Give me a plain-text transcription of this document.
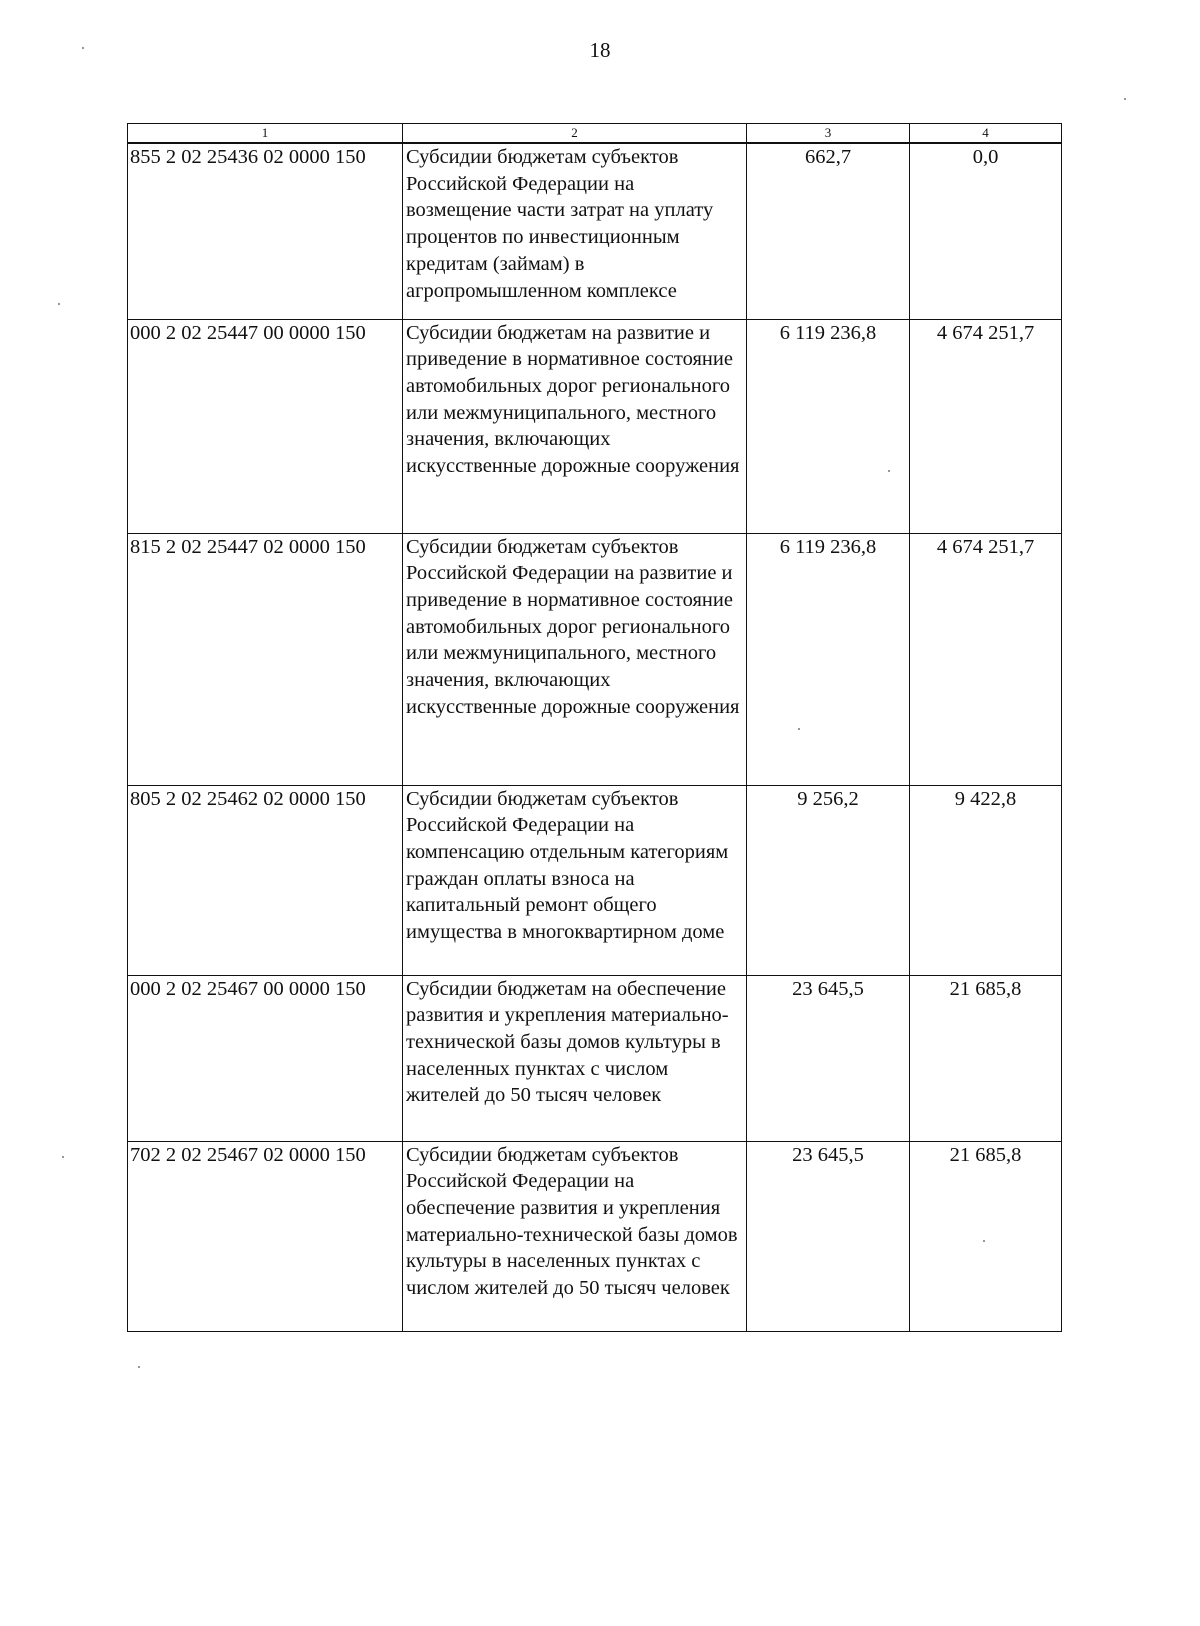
18
1	2	3	4
855 2 02 25436 02 0000 150	Субсидии бюджетам субъектов Российской Федерации на возмещение части затрат на уплату процентов по инвестиционным кредитам (займам) в агропромышленном комплексе	662,7	0,0
000 2 02 25447 00 0000 150	Субсидии бюджетам на развитие и приведение в нормативное состояние автомобильных дорог регионального или межмуниципального, местного значения, включающих искусственные дорожные сооружения	6 119 236,8	4 674 251,7
815 2 02 25447 02 0000 150	Субсидии бюджетам субъектов Российской Федерации на развитие и приведение в нормативное состояние автомобильных дорог регионального или межмуниципального, местного значения, включающих искусственные дорожные сооружения	6 119 236,8	4 674 251,7
805 2 02 25462 02 0000 150	Субсидии бюджетам субъектов Российской Федерации на компенсацию отдельным категориям граждан оплаты взноса на капитальный ремонт общего имущества в многоквартирном доме	9 256,2	9 422,8
000 2 02 25467 00 0000 150	Субсидии бюджетам на обеспечение развития и укрепления материально-технической базы домов культуры в населенных пунктах с числом жителей до 50 тысяч человек	23 645,5	21 685,8
702 2 02 25467 02 0000 150	Субсидии бюджетам субъектов Российской Федерации на обеспечение развития и укрепления материально-технической базы домов культуры в населенных пунктах с числом жителей до 50 тысяч человек	23 645,5	21 685,8
